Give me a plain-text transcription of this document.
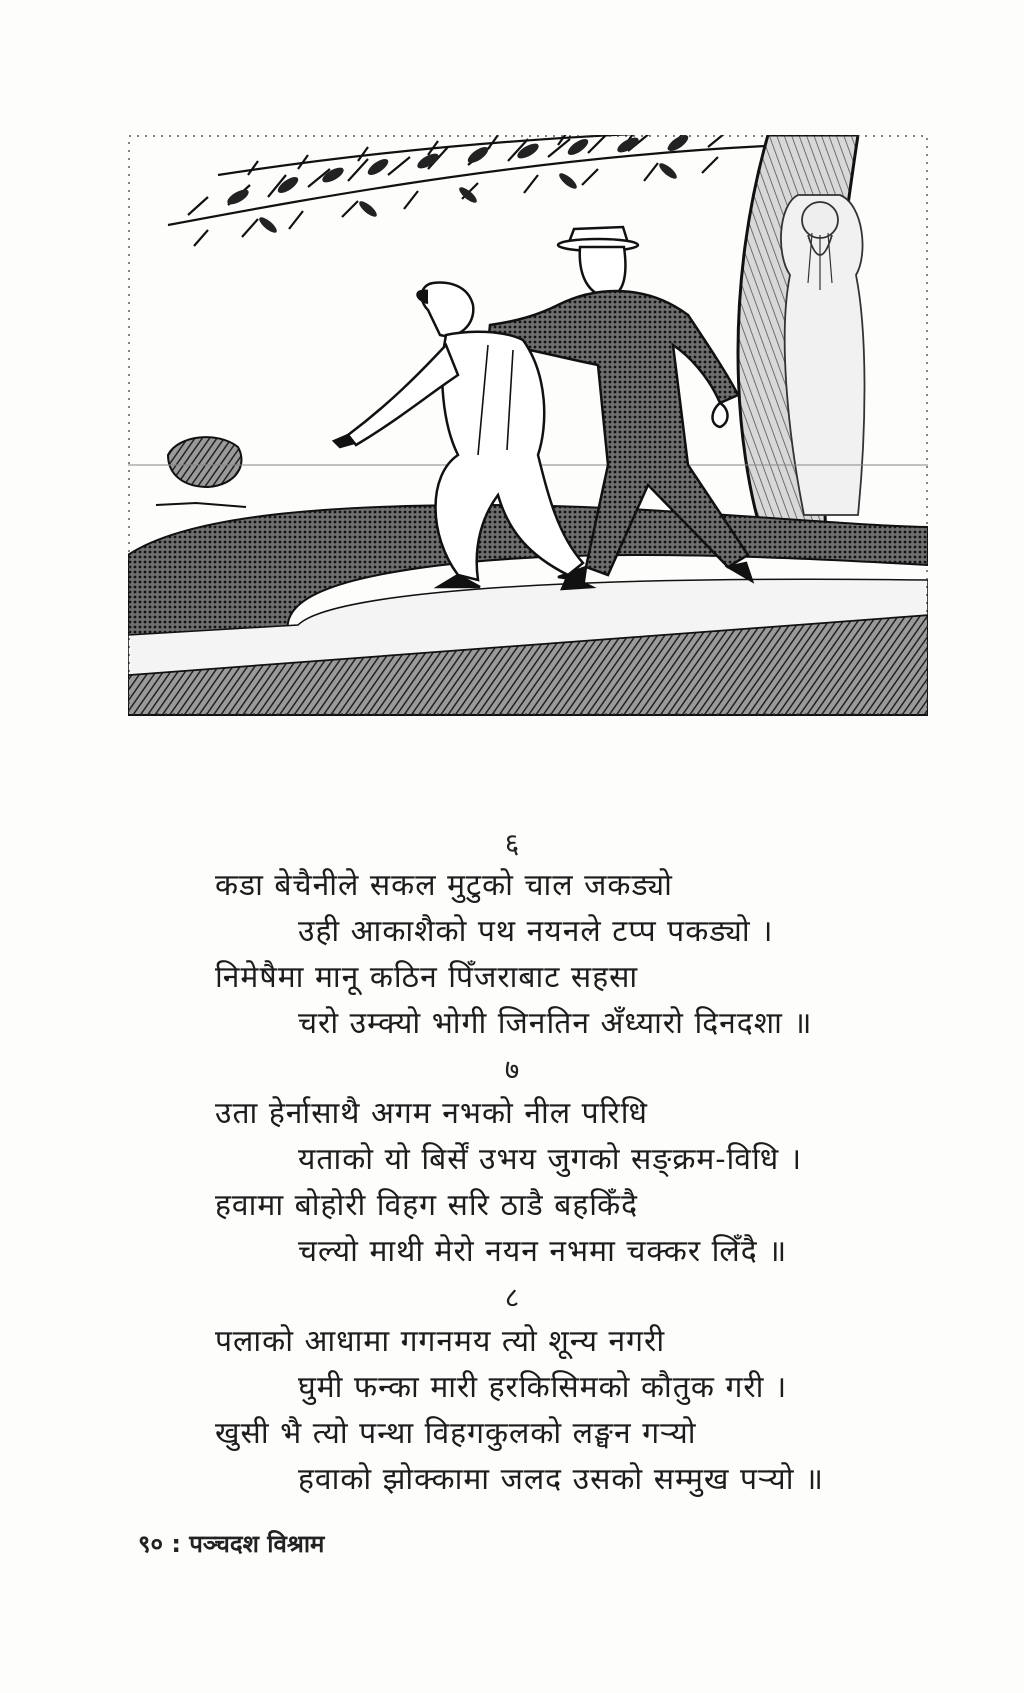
६
कडा बेचैनीले सकल मुटुको चाल जकड्यो
उही आकाशैको पथ नयनले टप्प पकड्यो ।
निमेषैमा मानू कठिन पिँजराबाट सहसा
चरो उम्क्यो भोगी जिनतिन अँध्यारो दिनदशा ॥
७
उता हेर्नासाथै अगम नभको नील परिधि
यताको यो बिर्सें उभय जुगको सङ्क्रम-विधि ।
हवामा बोहोरी विहग सरि ठाडै बहकिँदै
चल्यो माथी मेरो नयन नभमा चक्कर लिँदै ॥
८
पलाको आधामा गगनमय त्यो शून्य नगरी
घुमी फन्का मारी हरकिसिमको कौतुक गरी ।
खुसी भै त्यो पन्था विहगकुलको लङ्घन गर्‍यो
हवाको झोक्कामा जलद उसको सम्मुख पर्‍यो ॥
९० : पञ्चदश विश्राम
